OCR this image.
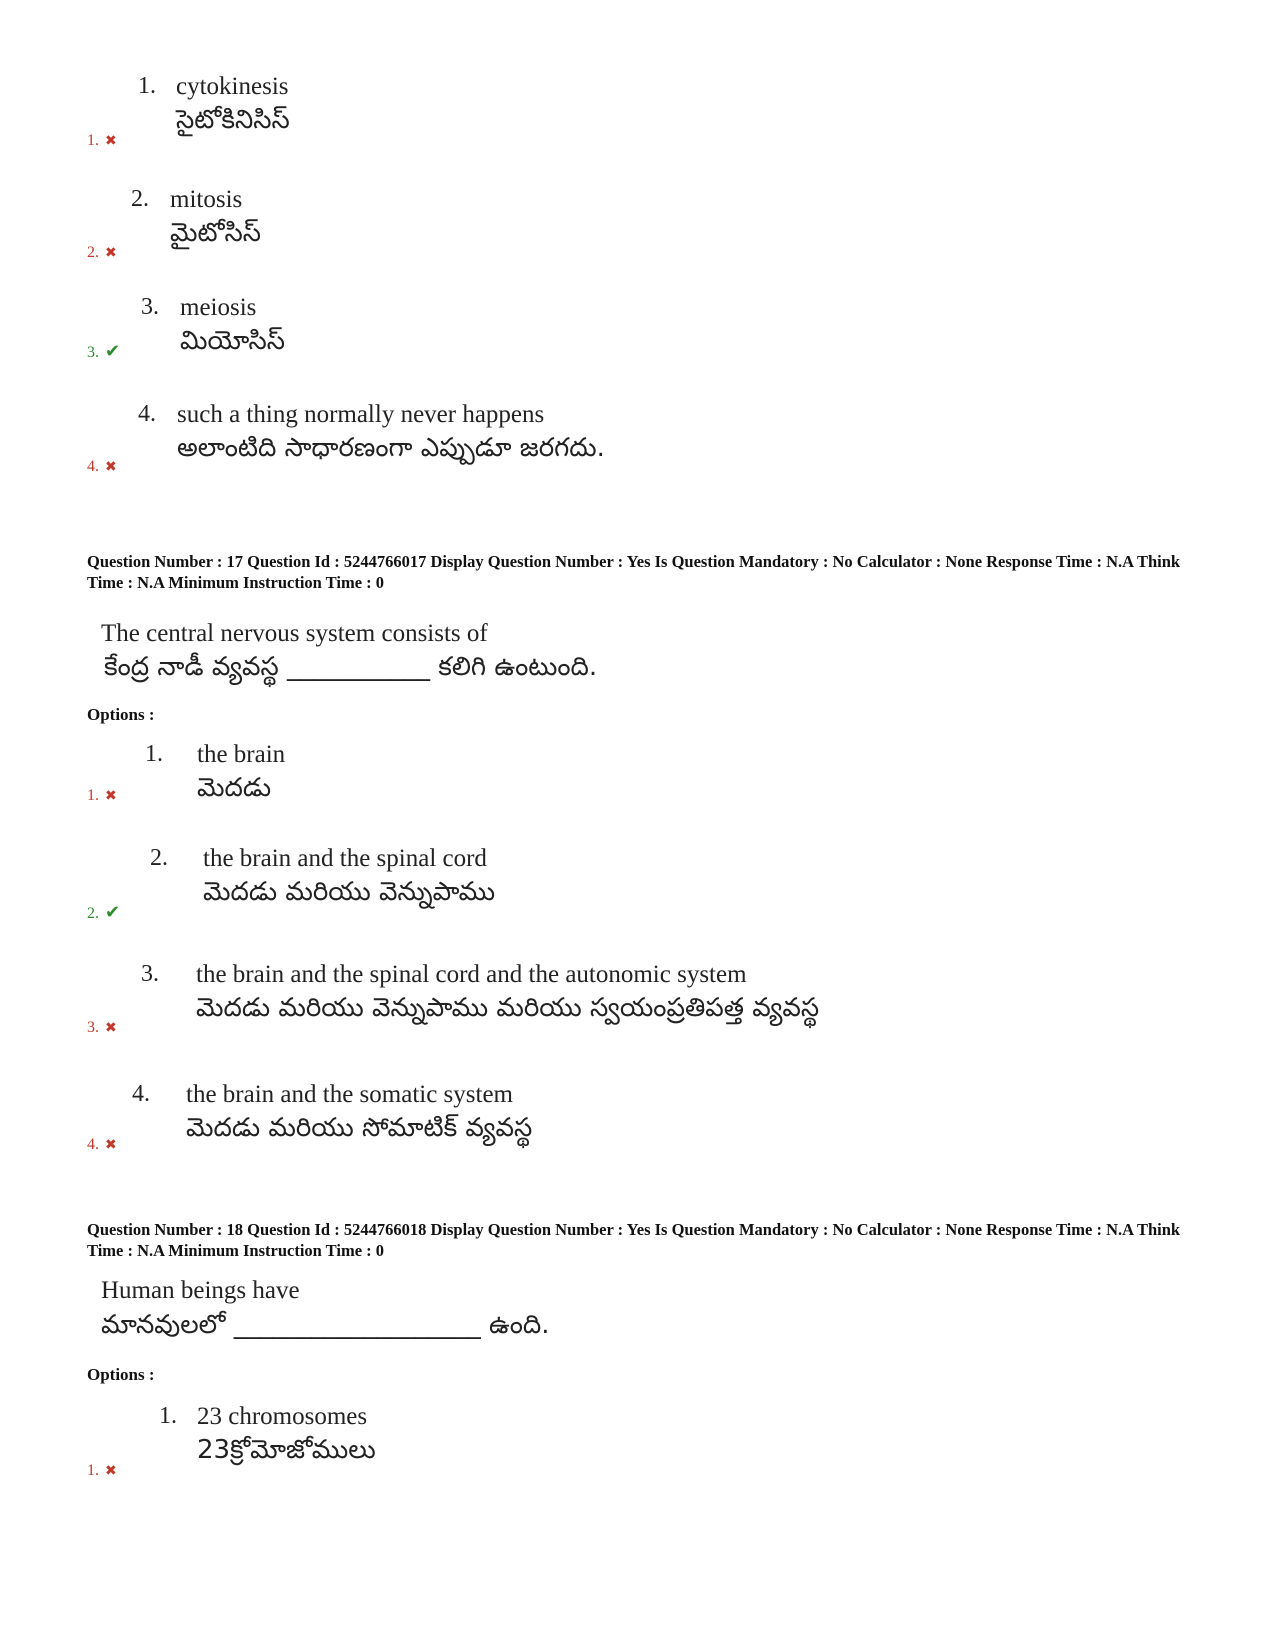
1. cytokinesis
సైటోకినిసిస్
1. ✖
2. mitosis
మైటోసిస్
2. ✖
3. meiosis
మియోసిస్
3. ✔
4. such a thing normally never happens
అలాంటిది సాధారణంగా ఎప్పుడూ జరగదు.
4. ✖
Question Number : 17 Question Id : 5244766017 Display Question Number : Yes Is Question Mandatory : No Calculator : None Response Time : N.A Think Time : N.A Minimum Instruction Time : 0
The central nervous system consists of
కేంద్ర నాడీ వ్యవస్థ ___________ కలిగి ఉంటుంది.
Options :
1. the brain
మెదడు
1. ✖
2. the brain and the spinal cord
మెదడు మరియు వెన్నుపాము
2. ✔
3. the brain and the spinal cord and the autonomic system
మెదడు మరియు వెన్నుపాము మరియు స్వయంప్రతిపత్త వ్యవస్థ
3. ✖
4. the brain and the somatic system
మెదడు మరియు సోమాటిక్ వ్యవస్థ
4. ✖
Question Number : 18 Question Id : 5244766018 Display Question Number : Yes Is Question Mandatory : No Calculator : None Response Time : N.A Think Time : N.A Minimum Instruction Time : 0
Human beings have
మానవులలో ___________________ ఉంది.
Options :
1. 23 chromosomes
23క్రోమోజోములు
1. ✖
